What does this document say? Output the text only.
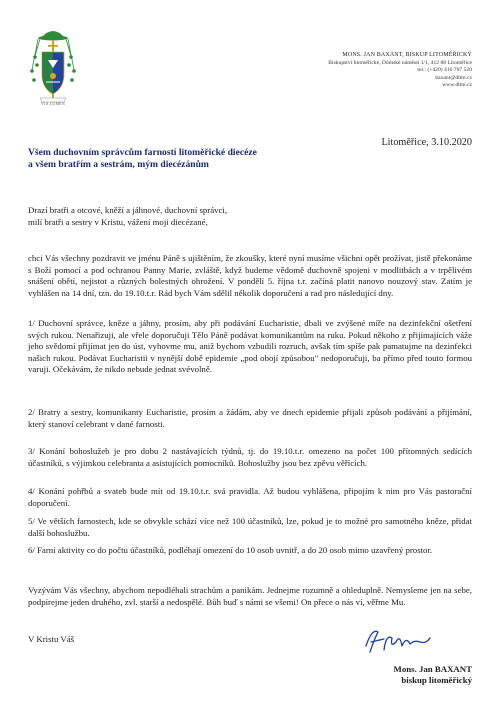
VIA LUMEN
MONS. JAN BAXANT, BISKUP LITOMĚŘICKÝ
Biskupství litoměřické, Dómské náměstí 1/1, 412 88 Litoměřice
tel.: (+420) 416 707 520
baxant@dltm.cz
www.dltm.cz
Litoměřice, 3.10.2020
Všem duchovním správcům farností litoměřické diecéze
a všem bratřím a sestrám, mým diecézánům
Drazí bratři a otcové, kněží a jáhnové, duchovní správci,
milí bratři a sestry v Kristu, vážení moji diecézané,

chci Vás všechny pozdravit ve jménu Páně s ujištěním, že zkoušky, které nyní musíme všichni opět prožívat, jistě překonáme s Boží pomocí a pod ochranou Panny Marie, zvláště, když budeme vědomě duchovně spojeni v modlitbách a v trpělivém snášení obětí, nejistot a různých bolestných ohrožení. V pondělí 5. října t.r. začíná platit nanovo nouzový stav. Zatím je vyhlášen na 14 dní, tzn. do 19.10.t.r. Rád bych Vám sdělil několik doporučení a rad pro následující dny.

1/ Duchovní správce, kněze a jáhny, prosím, aby při podávání Eucharistie, dbali ve zvýšené míře na dezinfekční ošetření svých rukou. Nenařizuji, ale vřele doporučuji Tělo Páně podávat komunikantům na ruku. Pokud někoho z přijímajících váže jeho svědomí přijímat jen do úst, vyhovme mu, aniž bychom vzbudili rozruch, avšak tím spíše pak pamatujme na dezinfekci našich rukou. Podávat Eucharistii v nynější době epidemie „pod obojí způsobou" nedoporučuji, ba přímo před touto formou varuji. Očekávám, že nikdo nebude jednat svévolně.

2/ Bratry a sestry, komunikanty Eucharistie, prosím a žádám, aby ve dnech epidemie přijali způsob podávání a přijímání, který stanoví celebrant v dané farnosti.

3/ Konání bohoslužeb je pro dobu 2 nastávajících týdnů, tj. do 19.10.t.r. omezeno na počet 100 přítomných sedících účastníků, s výjimkou celebranta a asistujících pomocníků. Bohoslužby jsou bez zpěvu věřících.

4/ Konání pohřbů a svateb bude mít od 19.10.t.r. svá pravidla. Až budou vyhlášena, připojím k nim pro Vás pastorační doporučení.

5/ Ve větších farnostech, kde se obvykle schází více než 100 účastníků, lze, pokud je to možné pro samotného kněze, přidat další bohoslužbu.

6/ Farní aktivity co do počtu účastníků, podléhají omezení do 10 osob uvnitř, a do 20 osob mimo uzavřený prostor.

Vyzývám Vás všechny, abychom nepodléhali strachům a panikám. Jednejme rozumně a ohleduplně. Nemysleme jen na sebe, podpírejme jeden druhého, zvl. starší a nedospělé. Bůh buď s námi se všemi! On přece o nás ví, věřme Mu.

V Kristu Váš

Mons. Jan BAXANT
biskup litoměřický
